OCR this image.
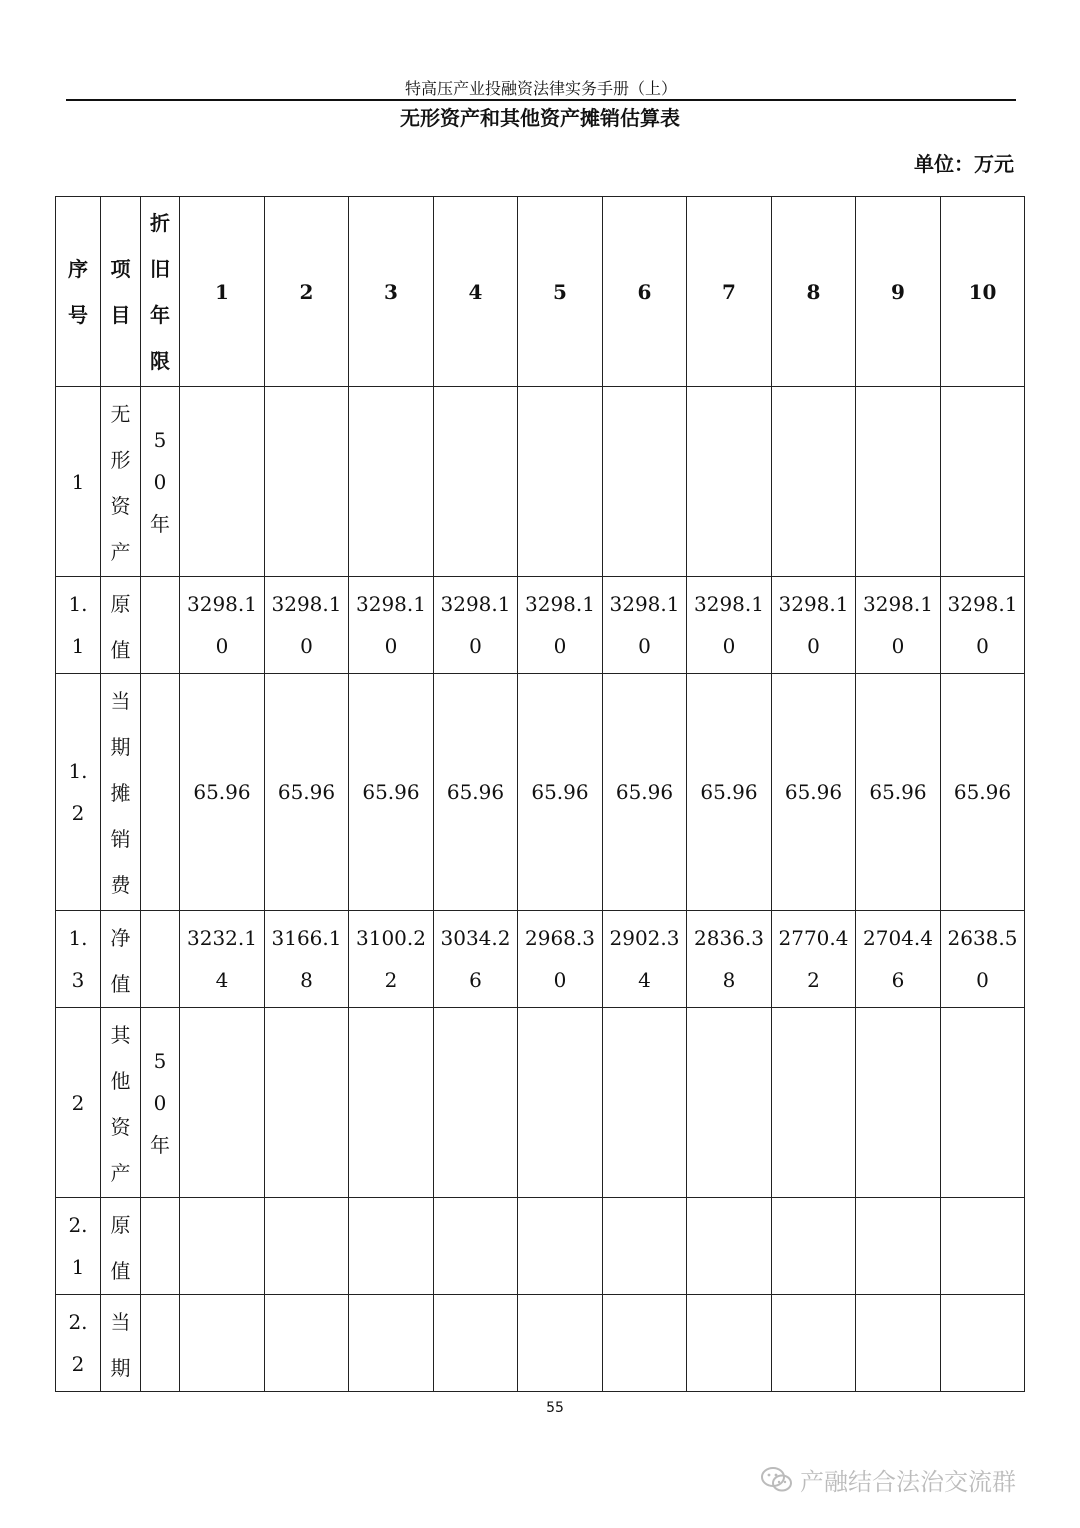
特高压产业投融资法律实务手册（上）
无形资产和其他资产摊销估算表
单位：万元
序号	项目	折旧年限	1	2	3	4	5	6	7	8	9	10
1	无形资产	50年										
1.1	原值		3298.10	3298.10	3298.10	3298.10	3298.10	3298.10	3298.10	3298.10	3298.10	3298.10
1.2	当期摊销费		65.96	65.96	65.96	65.96	65.96	65.96	65.96	65.96	65.96	65.96
1.3	净值		3232.14	3166.18	3100.22	3034.26	2968.30	2902.34	2836.38	2770.42	2704.46	2638.50
2	其他资产	50年										
2.1	原值											
2.2	当期											
55
产融结合法治交流群
